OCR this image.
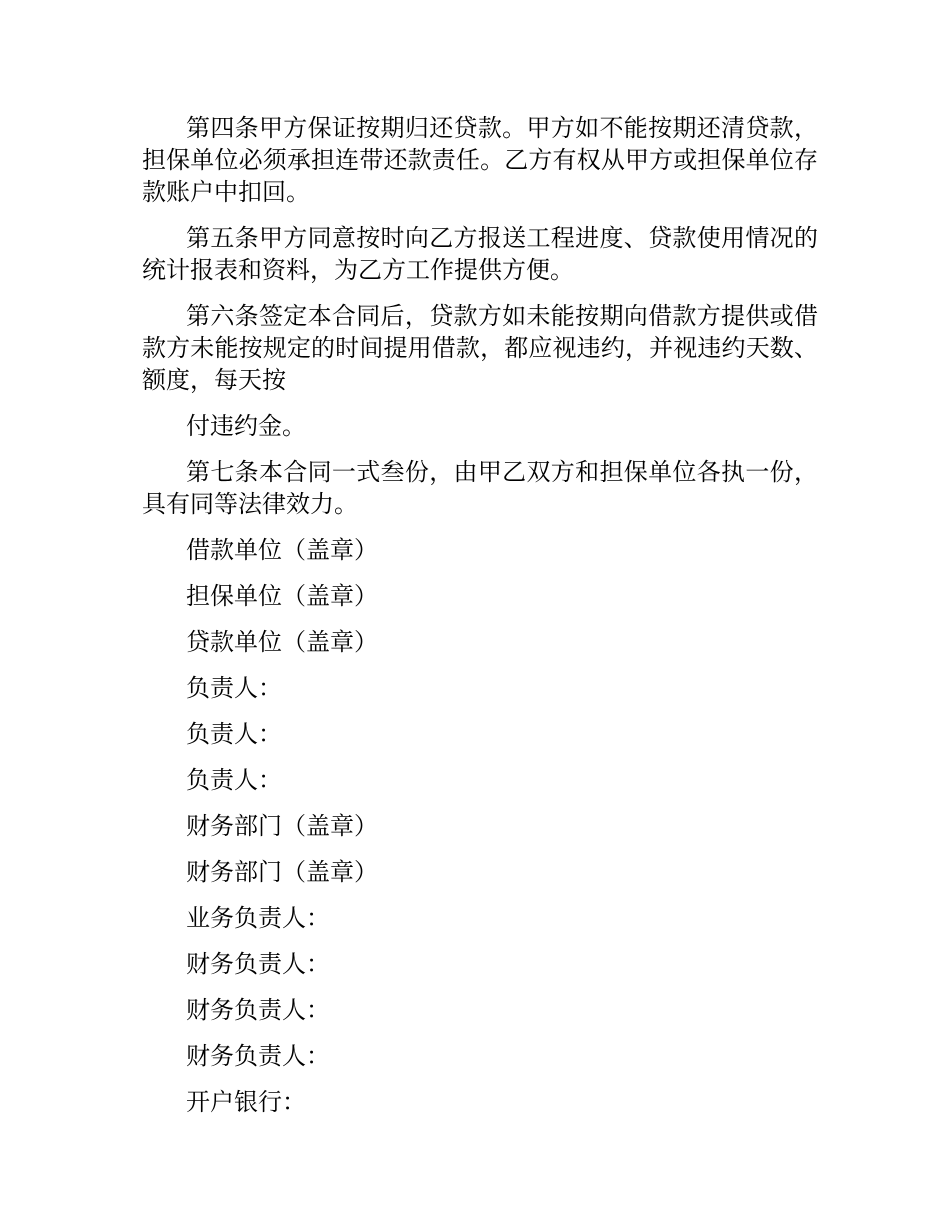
第四条甲方保证按期归还贷款。甲方如不能按期还清贷款，担保单位必须承担连带还款责任。乙方有权从甲方或担保单位存款账户中扣回。

第五条甲方同意按时向乙方报送工程进度、贷款使用情况的统计报表和资料，为乙方工作提供方便。

第六条签定本合同后，贷款方如未能按期向借款方提供或借款方未能按规定的时间提用借款，都应视违约，并视违约天数、额度，每天按

付违约金。

第七条本合同一式叁份，由甲乙双方和担保单位各执一份，具有同等法律效力。

借款单位（盖章）
担保单位（盖章）
贷款单位（盖章）
负责人：
负责人：
负责人：
财务部门（盖章）
财务部门（盖章）
业务负责人：
财务负责人：
财务负责人：
财务负责人：
开户银行：
